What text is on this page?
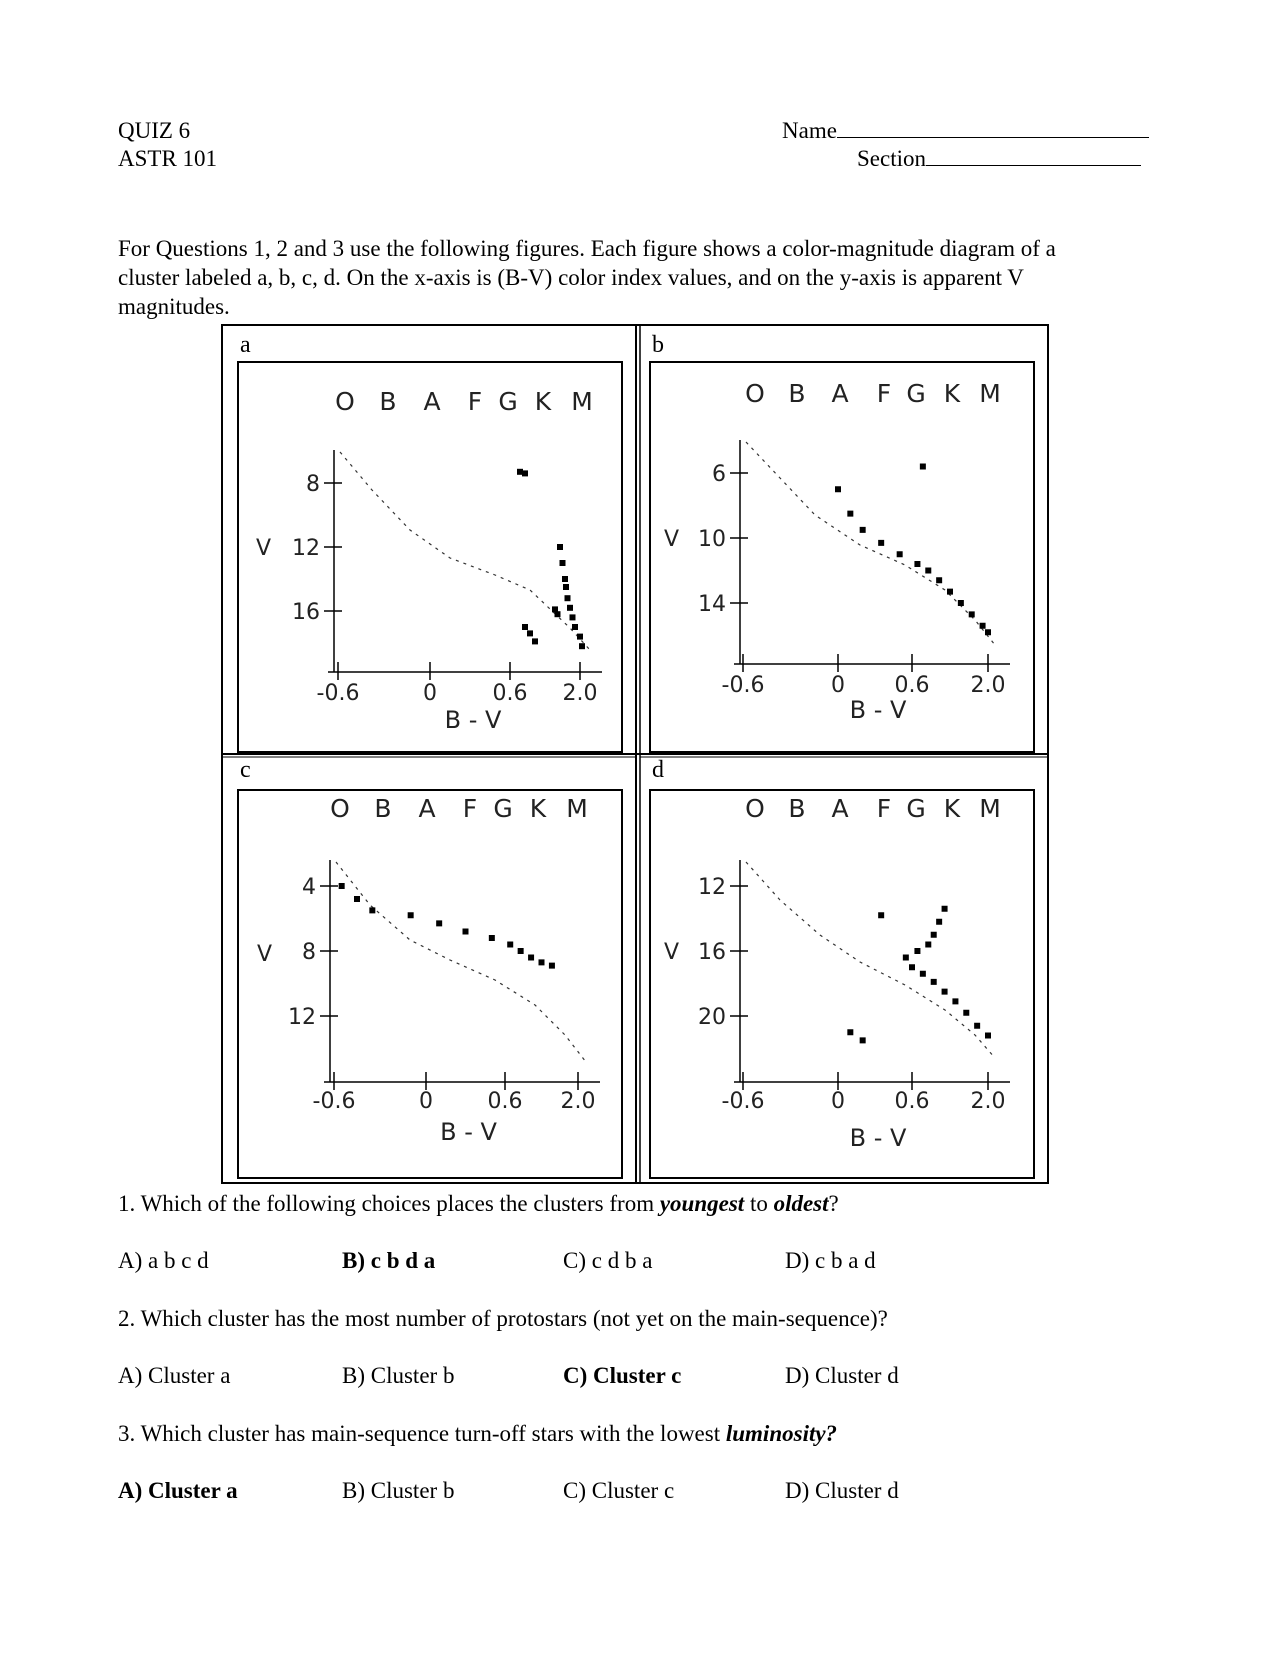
QUIZ 6
ASTR 101
Name
Section

For Questions 1, 2 and 3 use the following figures. Each figure shows a color-magnitude diagram of a

cluster labeled a, b, c, d. On the x-axis is (B-V) color index values, and on the y-axis is apparent V

magnitudes.

a
O B A F G K M
8
12
16
V
-0.6	0	0.6 2.0
B - V
b
O B A F G K M
6
10
14
V
-0.6	0 0.6 2.0
B - V
c
O B A F G K M
4
8
12
V
-0.6	0 0.6 2.0
B - V
d
O B A F G K M
12
16
20
V
-0.6	0 0.6 2.0
B - V
1. Which of the following choices places the clusters from youngest to oldest?
A) a b c d	B) c b d a	C) c d b a	D) c b a d
2. Which cluster has the most number of protostars (not yet on the main-sequence)?
A) Cluster a	B) Cluster b	C) Cluster c	D) Cluster d
3. Which cluster has main-sequence turn-off stars with the lowest luminosity?
A) Cluster a	B) Cluster b	C) Cluster c	D) Cluster d
